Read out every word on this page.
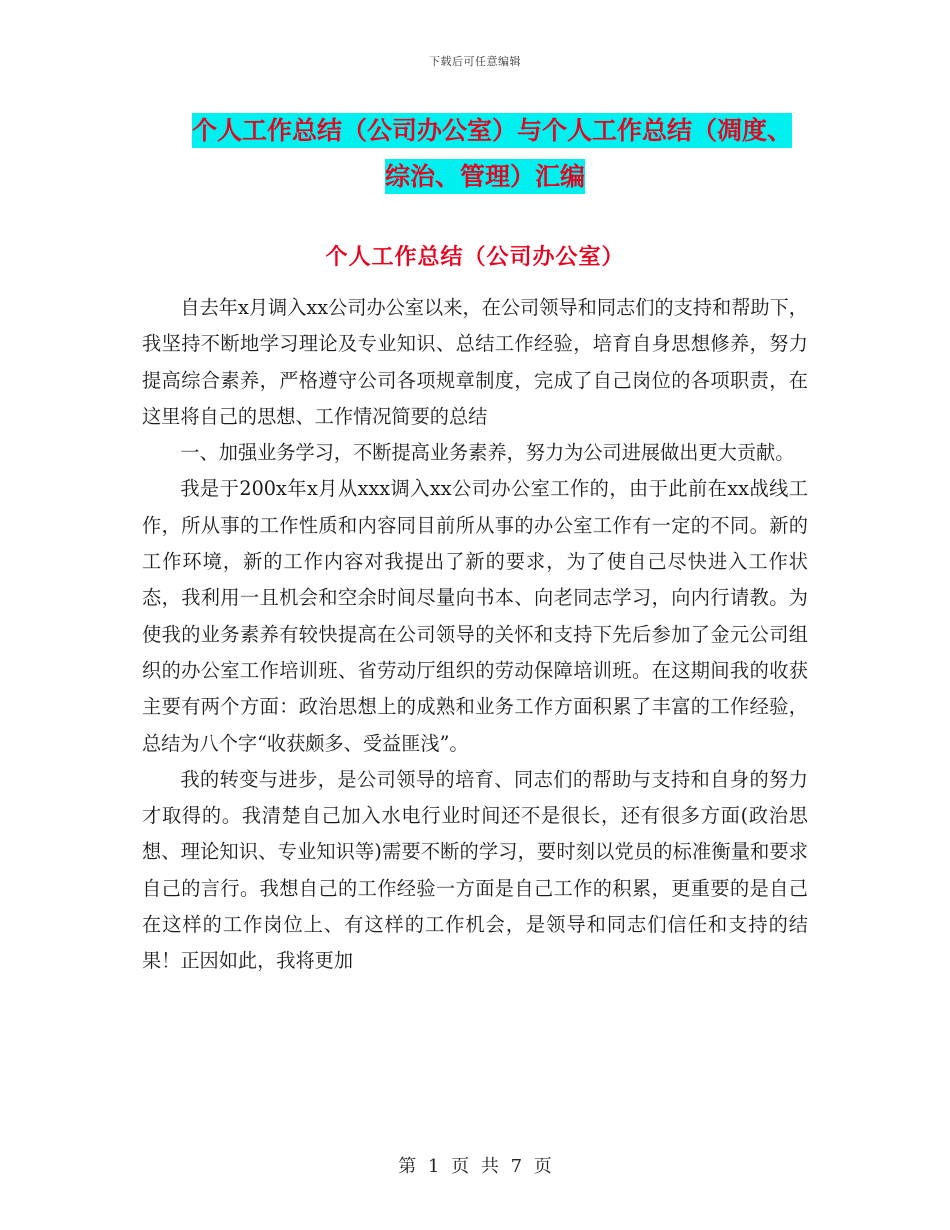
下载后可任意编辑
个人工作总结（公司办公室）与个人工作总结（凋度、
综治、管理）汇编
个人工作总结（公司办公室）

自去年x月调入xx公司办公室以来，在公司领导和同志们的支持和帮助下，我坚持不断地学习理论及专业知识、总结工作经验，培育自身思想修养，努力提高综合素养，严格遵守公司各项规章制度，完成了自己岗位的各项职责，在这里将自己的思想、工作情况简要的总结

一、加强业务学习，不断提高业务素养，努力为公司进展做出更大贡献。

我是于200x年x月从xxx调入xx公司办公室工作的，由于此前在xx战线工作，所从事的工作性质和内容同目前所从事的办公室工作有一定的不同。新的工作环境，新的工作内容对我提出了新的要求，为了使自己尽快进入工作状态，我利用一且机会和空余时间尽量向书本、向老同志学习，向内行请教。为使我的业务素养有较快提高在公司领导的关怀和支持下先后参加了金元公司组织的办公室工作培训班、省劳动厅组织的劳动保障培训班。在这期间我的收获主要有两个方面：政治思想上的成熟和业务工作方面积累了丰富的工作经验，总结为八个字“收获颇多、受益匪浅”。

我的转变与进步，是公司领导的培育、同志们的帮助与支持和自身的努力才取得的。我清楚自己加入水电行业时间还不是很长，还有很多方面(政治思想、理论知识、专业知识等)需要不断的学习，要时刻以党员的标准衡量和要求自己的言行。我想自己的工作经验一方面是自己工作的积累，更重要的是自己在这样的工作岗位上、有这样的工作机会，是领导和同志们信任和支持的结果！正因如此，我将更加

第 1 页 共 7 页
